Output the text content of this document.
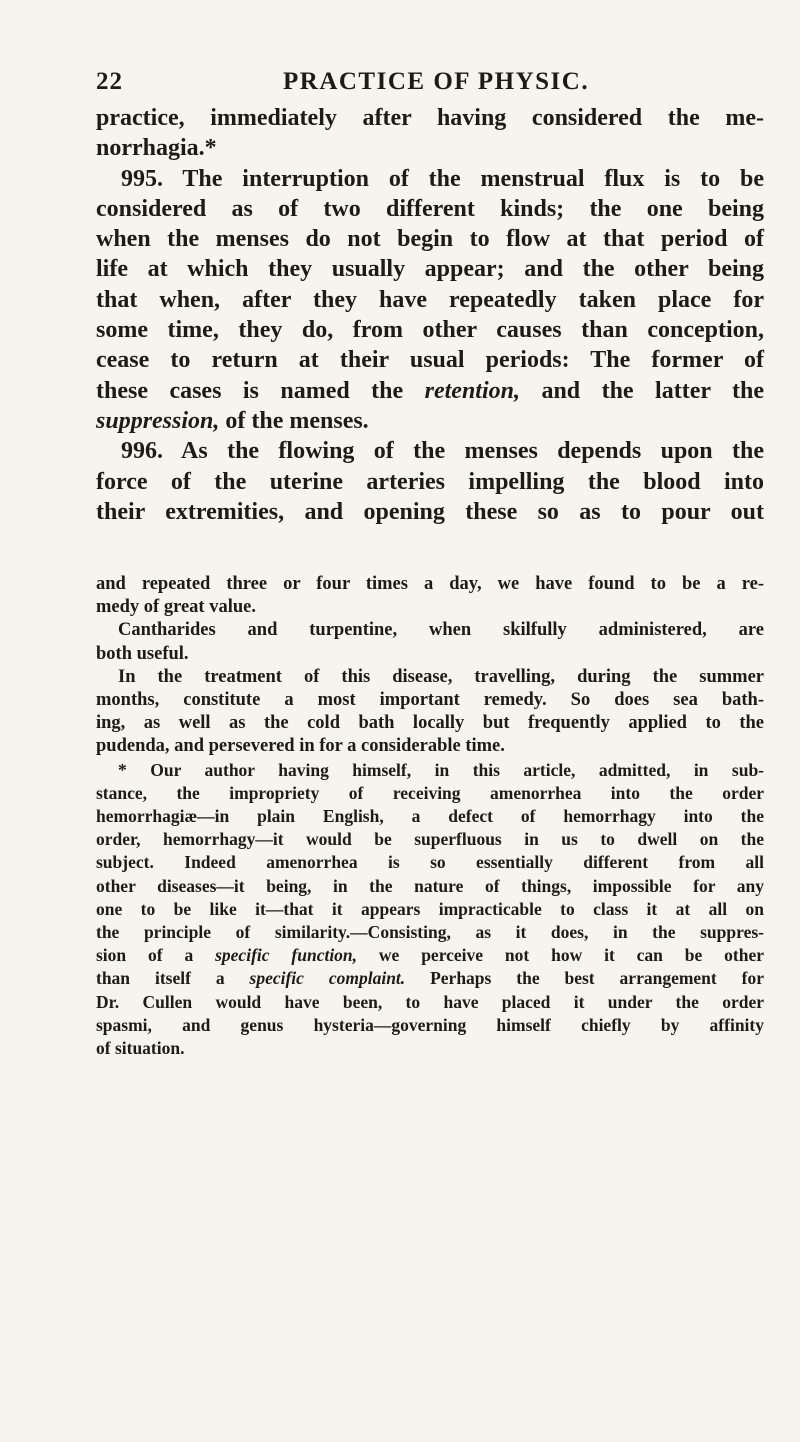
22	PRACTICE OF PHYSIC.
practice, immediately after having considered the me-
norrhagia.*
995. The interruption of the menstrual flux is to be
considered as of two different kinds; the one being
when the menses do not begin to flow at that period of
life at which they usually appear; and the other being
that when, after they have repeatedly taken place for
some time, they do, from other causes than conception,
cease to return at their usual periods: The former of
these cases is named the retention, and the latter the
suppression, of the menses.
996. As the flowing of the menses depends upon the
force of the uterine arteries impelling the blood into
their extremities, and opening these so as to pour out
and repeated three or four times a day, we have found to be a re-
medy of great value.
Cantharides and turpentine, when skilfully administered, are
both useful.
In the treatment of this disease, travelling, during the summer
months, constitute a most important remedy. So does sea bath-
ing, as well as the cold bath locally but frequently applied to the
pudenda, and persevered in for a considerable time.
* Our author having himself, in this article, admitted, in sub-
stance, the impropriety of receiving amenorrhea into the order
hemorrhagiæ—in plain English, a defect of hemorrhagy into the
order, hemorrhagy—it would be superfluous in us to dwell on the
subject. Indeed amenorrhea is so essentially different from all
other diseases—it being, in the nature of things, impossible for any
one to be like it—that it appears impracticable to class it at all on
the principle of similarity.—Consisting, as it does, in the suppres-
sion of a specific function, we perceive not how it can be other
than itself a specific complaint. Perhaps the best arrangement for
Dr. Cullen would have been, to have placed it under the order
spasmi, and genus hysteria—governing himself chiefly by affinity
of situation.
